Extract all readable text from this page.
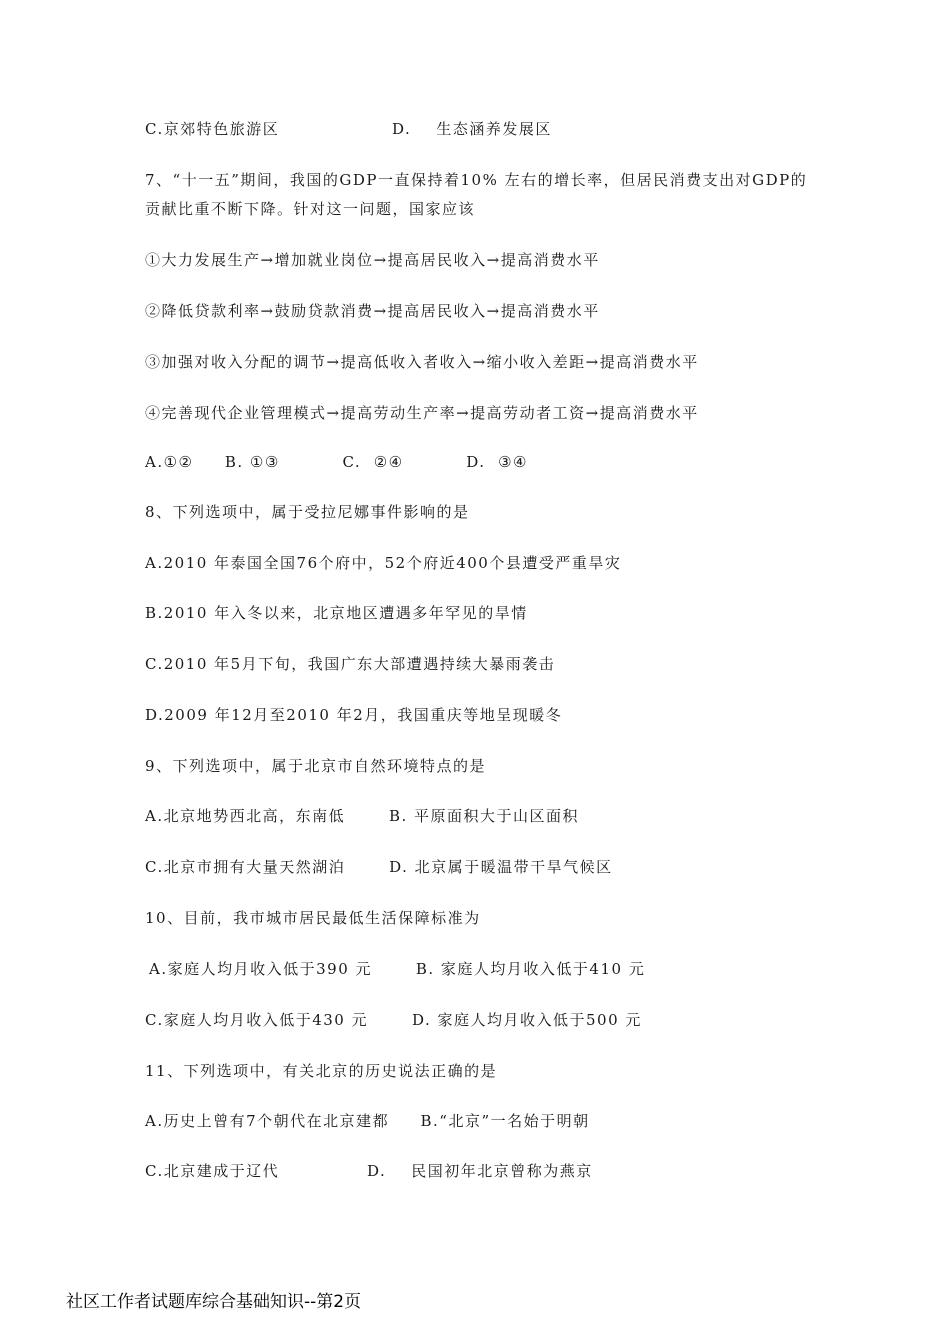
C.京郊特色旅游区                  D.    生态涵养发展区
7、“十一五”期间，我国的GDP一直保持着10% 左右的增长率，但居民消费支出对GDP的贡献比重不断下降。针对这一问题，国家应该
①大力发展生产→增加就业岗位→提高居民收入→提高消费水平
②降低贷款利率→鼓励贷款消费→提高居民收入→提高消费水平
③加强对收入分配的调节→提高低收入者收入→缩小收入差距→提高消费水平
④完善现代企业管理模式→提高劳动生产率→提高劳动者工资→提高消费水平
A.①②     B. ①③          C.  ②④          D.  ③④
8、下列选项中，属于受拉尼娜事件影响的是
A.2010 年泰国全国76个府中，52个府近400个县遭受严重旱灾
B.2010 年入冬以来，北京地区遭遇多年罕见的旱情
C.2010 年5月下旬，我国广东大部遭遇持续大暴雨袭击
D.2009 年12月至2010 年2月，我国重庆等地呈现暖冬
9、下列选项中，属于北京市自然环境特点的是
A.北京地势西北高，东南低       B. 平原面积大于山区面积
C.北京市拥有大量天然湖泊       D. 北京属于暖温带干旱气候区
10、目前，我市城市居民最低生活保障标准为
A.家庭人均月收入低于390 元       B. 家庭人均月收入低于410 元
C.家庭人均月收入低于430 元       D. 家庭人均月收入低于500 元
11、下列选项中，有关北京的历史说法正确的是
A.历史上曾有7个朝代在北京建都     B.“北京”一名始于明朝
C.北京建成于辽代              D.    民国初年北京曾称为燕京
社区工作者试题库综合基础知识--第2页
